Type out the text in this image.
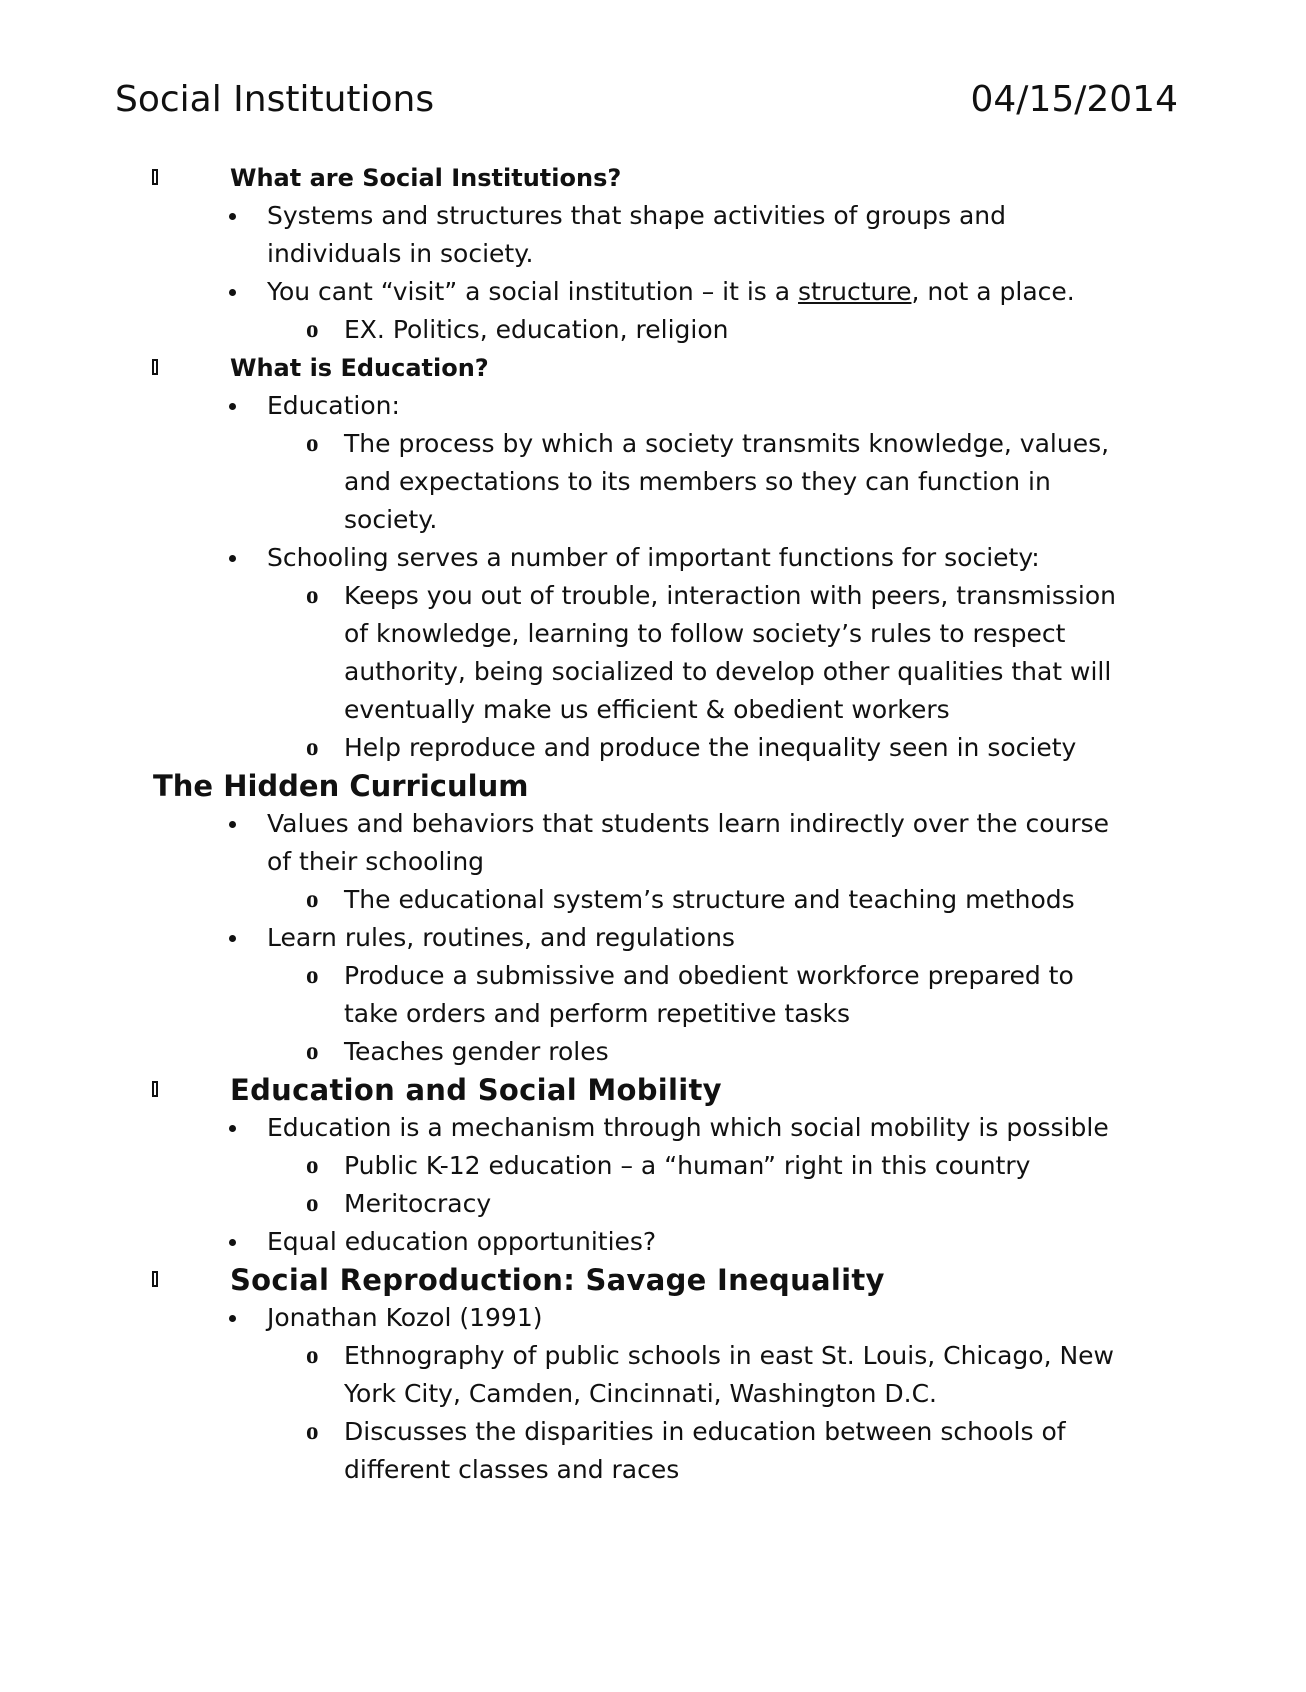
Social Institutions	04/15/2014
What are Social Institutions?
Systems and structures that shape activities of groups and
individuals in society.
You cant “visit” a social institution – it is a structure, not a place.
o EX. Politics, education, religion
What is Education?
Education:
o The process by which a society transmits knowledge, values,
and expectations to its members so they can function in
society.
Schooling serves a number of important functions for society:
o Keeps you out of trouble, interaction with peers, transmission
of knowledge, learning to follow society’s rules to respect
authority, being socialized to develop other qualities that will
eventually make us efficient & obedient workers
o Help reproduce and produce the inequality seen in society
The Hidden Curriculum
Values and behaviors that students learn indirectly over the course
of their schooling
o The educational system’s structure and teaching methods
Learn rules, routines, and regulations
o Produce a submissive and obedient workforce prepared to
take orders and perform repetitive tasks
o Teaches gender roles
Education and Social Mobility
Education is a mechanism through which social mobility is possible
o Public K-12 education – a “human” right in this country
o Meritocracy
Equal education opportunities?
Social Reproduction: Savage Inequality
Jonathan Kozol (1991)
o Ethnography of public schools in east St. Louis, Chicago, New
York City, Camden, Cincinnati, Washington D.C.
o Discusses the disparities in education between schools of
different classes and races
